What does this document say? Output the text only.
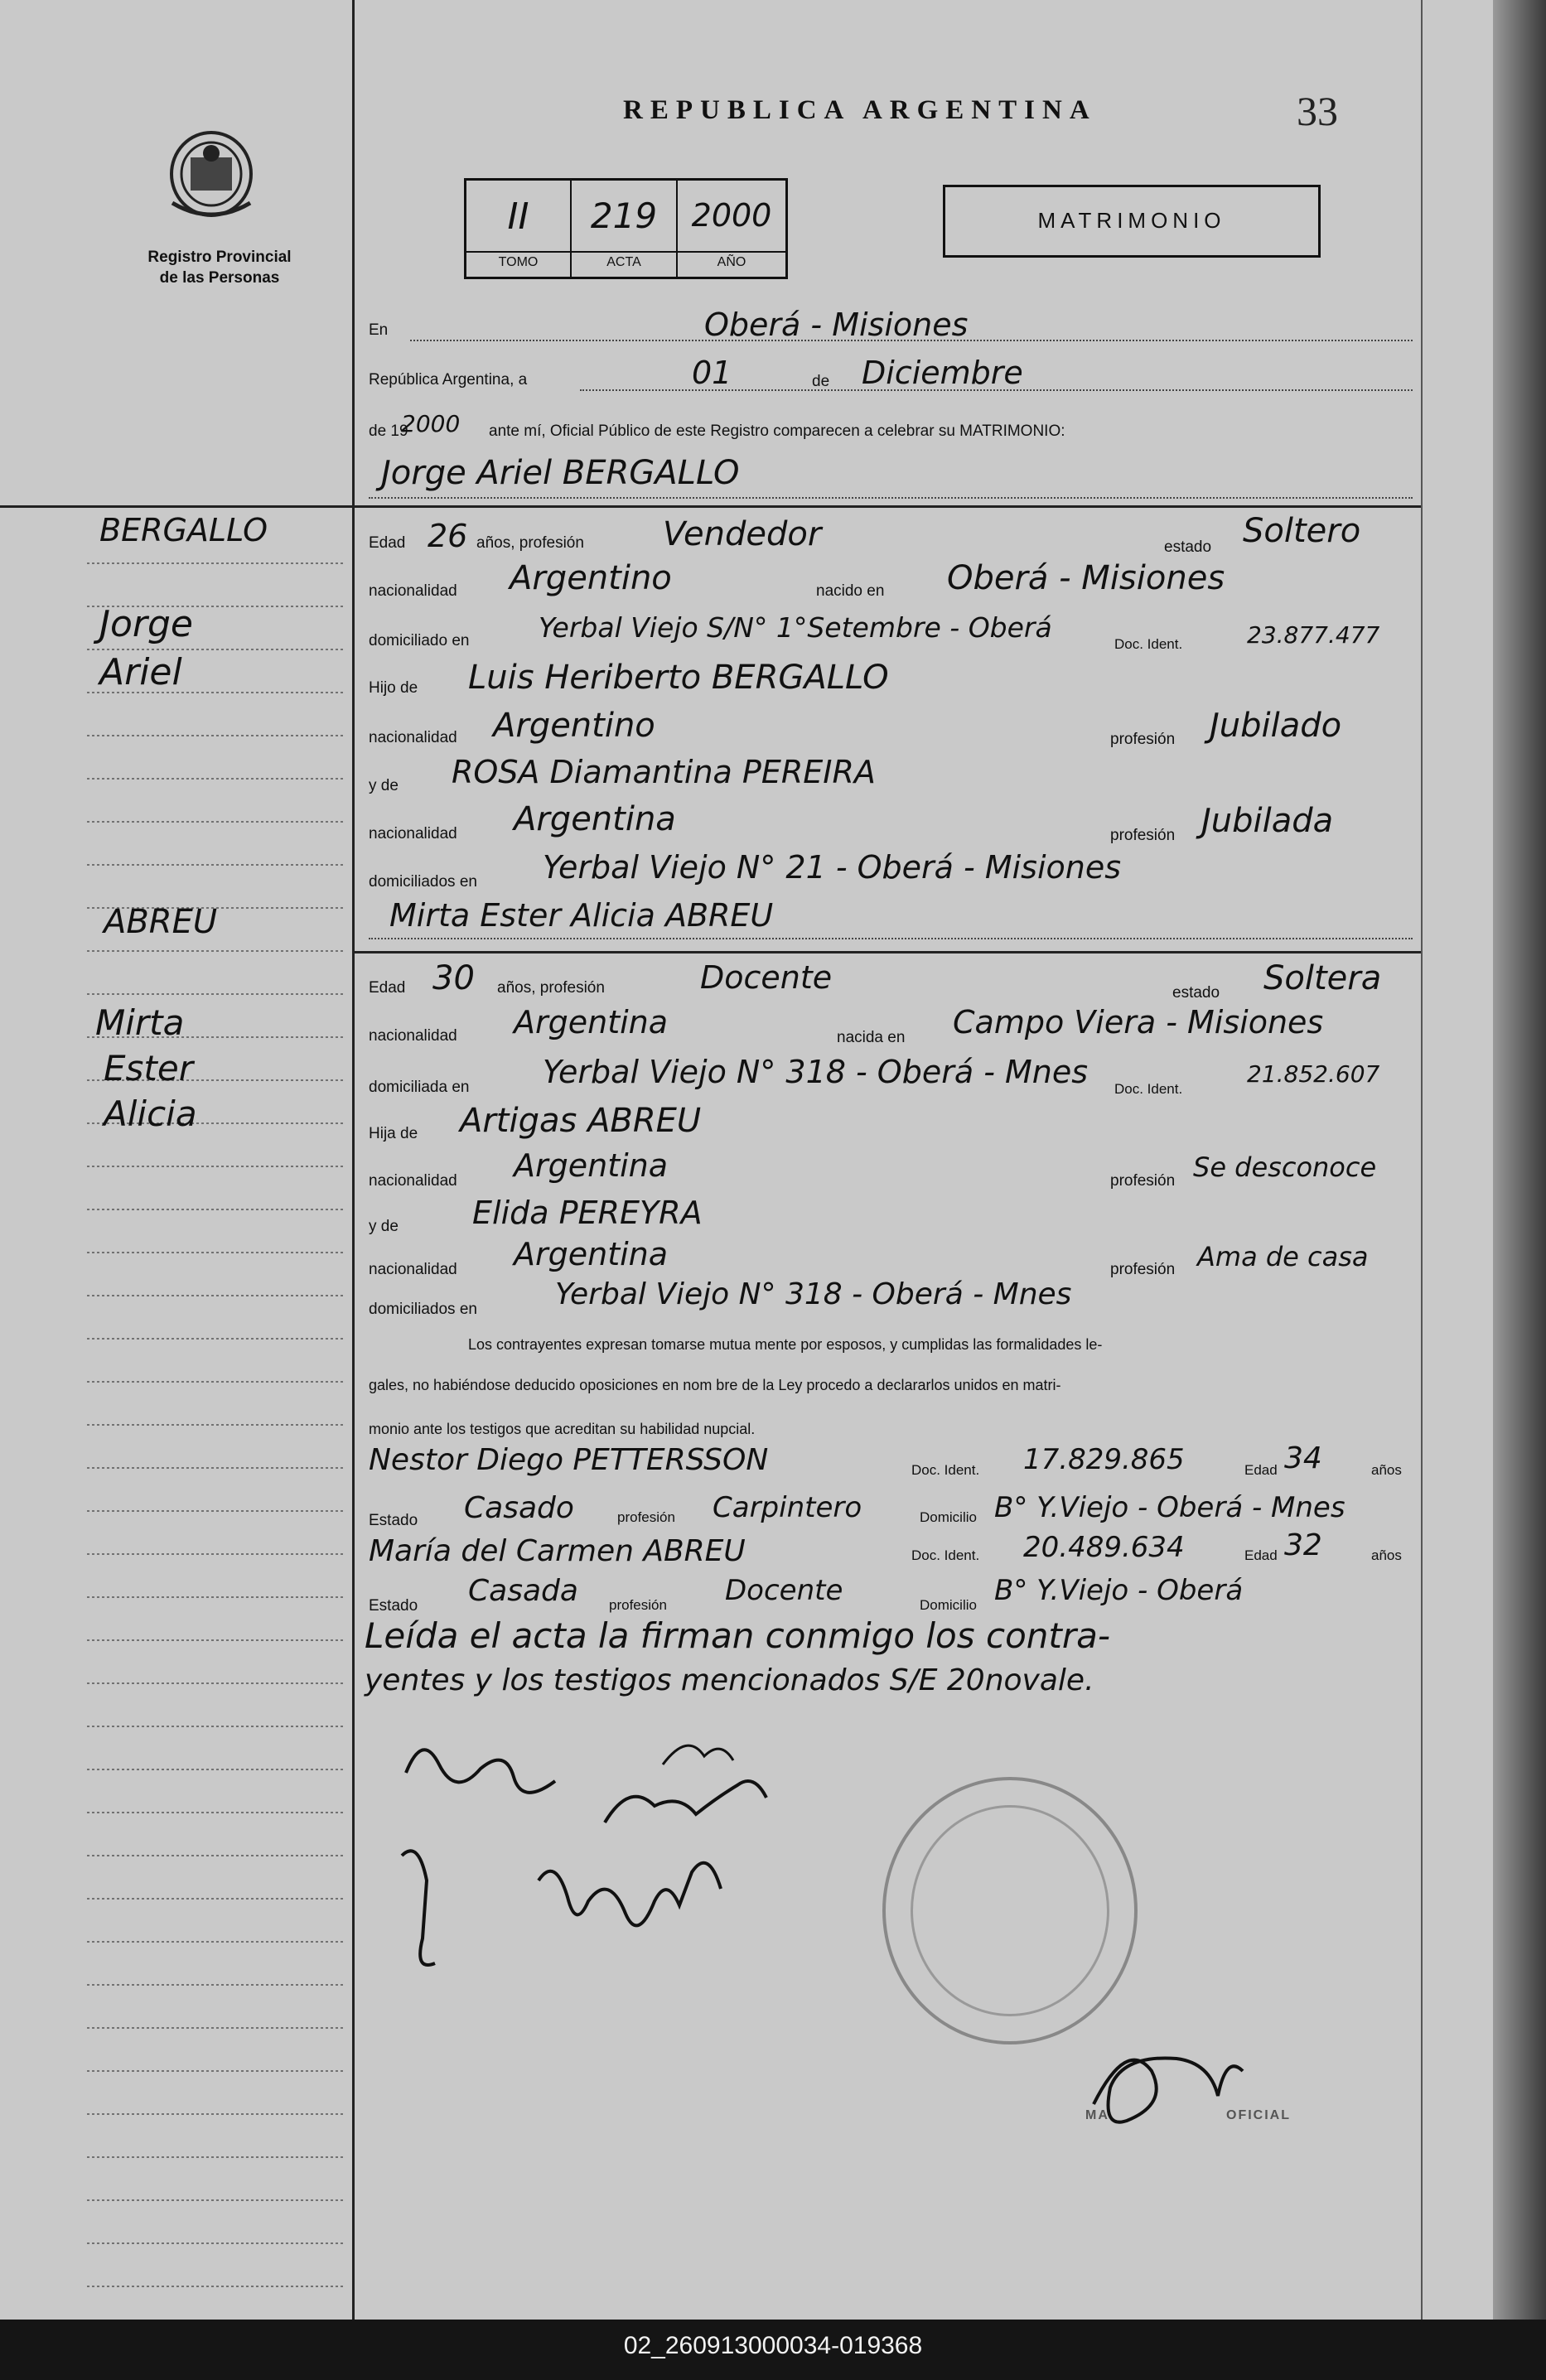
Registro Provincial
de las Personas
REPUBLICA ARGENTINA	33
II	219	2000
TOMO	ACTA	AÑO
MATRIMONIO
En	Oberá - Misiones
República Argentina, a	01	de Diciembre
de 19
2000 ante mí, Oficial Público de este Registro comparecen a celebrar su MATRIMONIO:
Jorge Ariel BERGALLO
BERGALLO
Jorge
Ariel
Edad 26 años, profesión Vendedor	estado Soltero
nacionalidad Argentino	nacido en Oberá - Misiones
domiciliado en	Yerbal Viejo S/N° 1°Setembre - Oberá
Doc. Ident.	23.877.477
Hijo de Luis Heriberto BERGALLO
nacionalidad Argentino	profesión Jubilado
y de ROSA Diamantina PEREIRA
nacionalidad Argentina	profesión Jubilada
domiciliados en Yerbal Viejo N° 21 - Oberá - Misiones
Mirta Ester Alicia ABREU
ABREU
Mirta
Ester
Alicia
Edad 30 años, profesión	Docente	estado Soltera
nacionalidad Argentina	nacida en Campo Viera - Misiones
domiciliada en Yerbal Viejo N° 318 - Oberá - Mnes Doc. Ident.
21.852.607
Hija de Artigas ABREU
nacionalidad Argentina	profesión Se desconoce
y de Elida PEREYRA
nacionalidad Argentina	profesión Ama de casa
domiciliados en	Yerbal Viejo N° 318 - Oberá - Mnes
Los contrayentes expresan tomarse mutua mente por esposos, y cumplidas las formalidades le-
gales, no habiéndose deducido oposiciones en nom bre de la Ley procedo a declararlos unidos en matri-
monio ante los testigos que acreditan su habilidad nupcial.
Nestor Diego PETTERSSON	Doc. Ident. 17.829.865	Edad 34	años
Estado Casado	profesión Carpintero	Domicilio B° Y.Viejo - Oberá - Mnes
María del Carmen ABREU	Doc. Ident. 20.489.634	Edad 32	años
Estado Casada profesión Docente	Domicilio B° Y.Viejo - Oberá
Leída el acta la firman conmigo los contra-
yentes y los testigos mencionados S/E 20novale.
MA	OFICIAL
02_260913000034-019368
